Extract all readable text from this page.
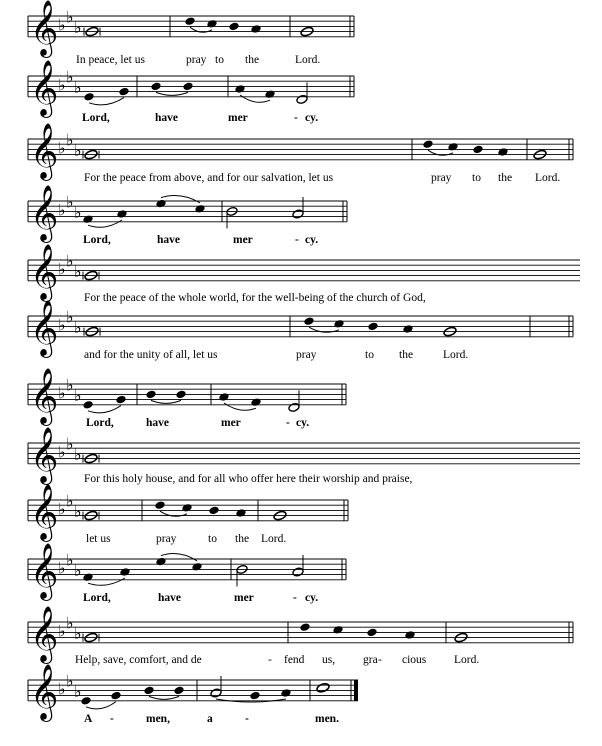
𝄞 ♭ ♭
♭
In peace, let us	pray to the	Lord.
𝄞 ♭ ♭
♭
Lord,	have	mer	- cy.
𝄞 ♭ ♭
♭
For the peace from above, and for our salvation, let us	pray to the Lord.
𝄞 ♭ ♭
♭
Lord,	have	mer	- cy.
𝄞 ♭ ♭
♭
For the peace of the whole world, for the well-being of the church of God,
𝄞 ♭ ♭
♭
and for the unity of all, let us	pray	to the	Lord.
𝄞 ♭ ♭
♭
Lord,	have	mer	- cy.
𝄞 ♭ ♭
♭
For this holy house, and for all who offer here their worship and praise,
𝄞 ♭ ♭
♭
let us	pray	to the Lord.
𝄞 ♭ ♭
♭
Lord,	have	mer	- cy.
𝄞 ♭ ♭
♭
Help, save, comfort, and de	- fend us, gra - cious Lord.
𝄞 ♭ ♭
♭
A -	men,	a	-	men.
